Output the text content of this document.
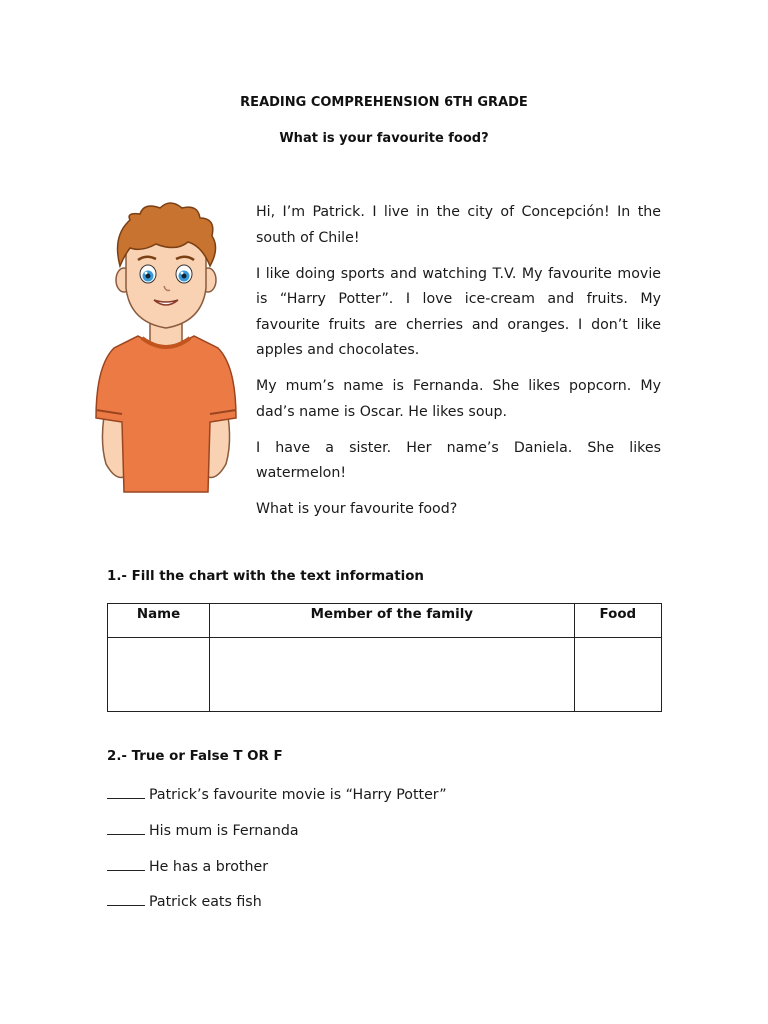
READING COMPREHENSION 6TH GRADE
What is your favourite food?

Hi, I’m Patrick. I live in the city of Concepción! In the south of Chile!

I like doing sports and watching T.V. My favourite movie is “Harry Potter”. I love ice-cream and fruits. My favourite fruits are cherries and oranges. I don’t like apples and chocolates.

My mum’s name is Fernanda. She likes popcorn. My dad’s name is Oscar. He likes soup.

I have a sister. Her name’s Daniela. She likes watermelon!

What is your favourite food?

1.- Fill the chart with the text information
Name	Member of the family	Food

2.- True or False T OR F
Patrick’s favourite movie is “Harry Potter”
His mum is Fernanda
He has a brother
Patrick eats fish
